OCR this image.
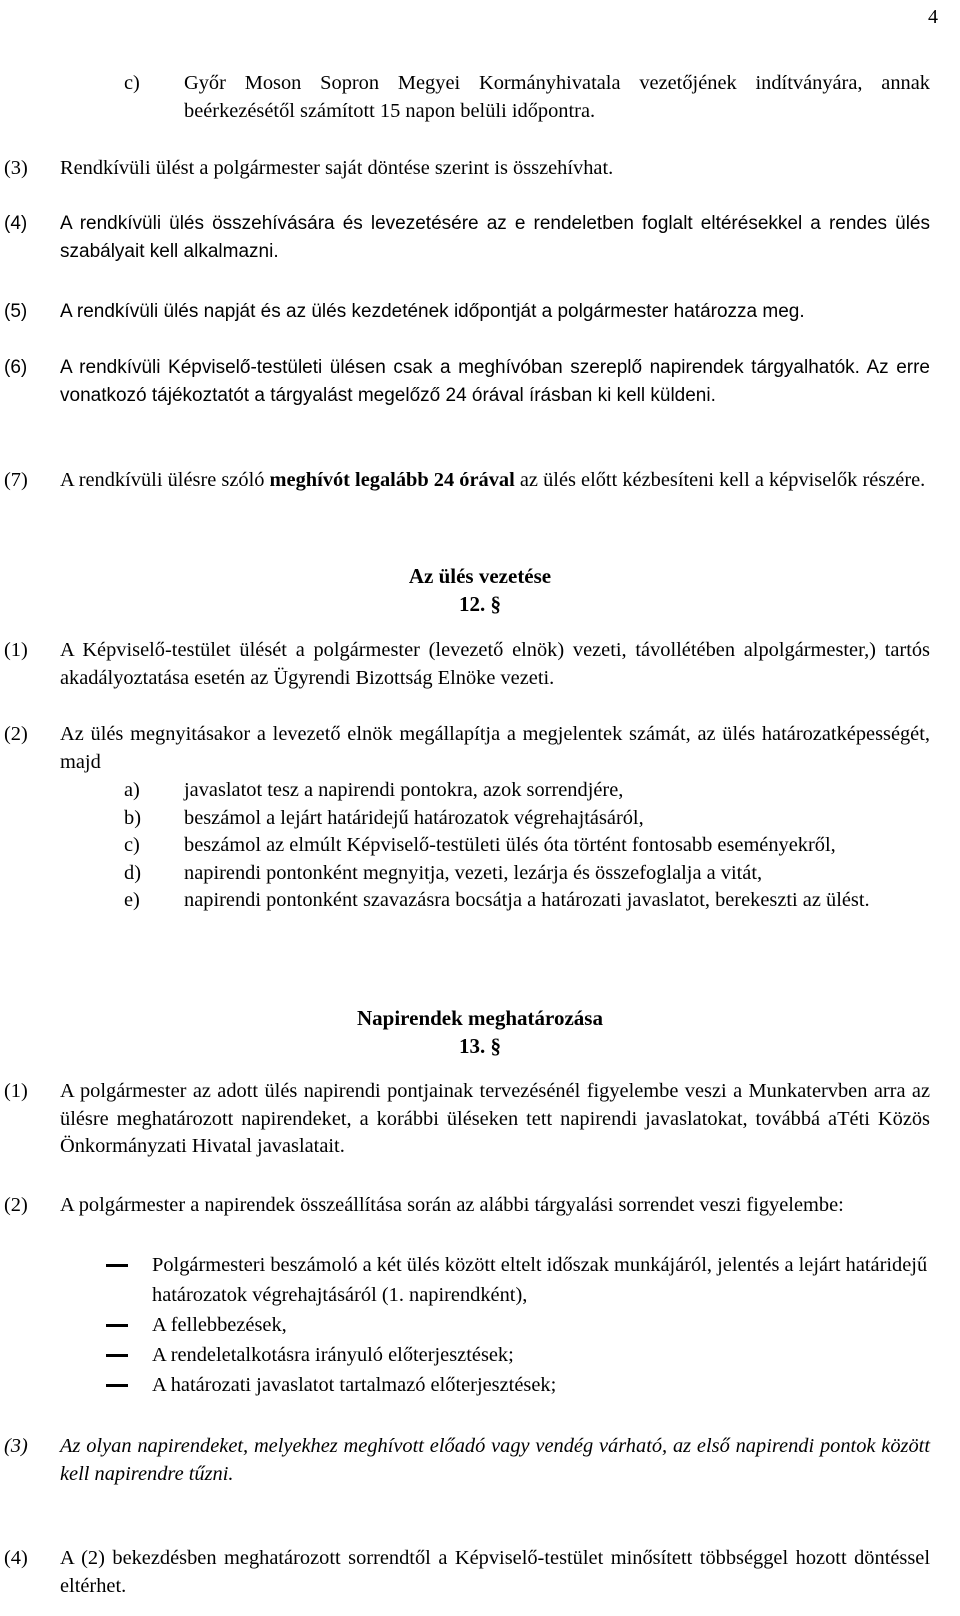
4
c)	Győr Moson Sopron Megyei Kormányhivatala vezetőjének indítványára, annak beérkezésétől számított 15 napon belüli időpontra.
(3)	Rendkívüli ülést a polgármester saját döntése szerint is összehívhat.
(4)	A rendkívüli ülés összehívására és levezetésére az e rendeletben foglalt eltérésekkel a rendes ülés szabályait kell alkalmazni.
(5)	A rendkívüli ülés napját és az ülés kezdetének időpontját a polgármester határozza meg.
(6)	A rendkívüli Képviselő-testületi ülésen csak a meghívóban szereplő napirendek tárgyalhatók. Az erre vonatkozó tájékoztatót a tárgyalást megelőző 24 órával írásban ki kell küldeni.
(7)	A rendkívüli ülésre szóló meghívót legalább 24 órával az ülés előtt kézbesíteni kell a képviselők részére.
Az ülés vezetése
12. §
(1)	A Képviselő-testület ülését a polgármester (levezető elnök) vezeti, távollétében alpolgármester,) tartós akadályoztatása esetén az Ügyrendi Bizottság Elnöke vezeti.
(2)	Az ülés megnyitásakor a levezető elnök megállapítja a megjelentek számát, az ülés határozatképességét, majd
a)	javaslatot tesz a napirendi pontokra, azok sorrendjére,
b)	beszámol a lejárt határidejű határozatok végrehajtásáról,
c)	beszámol az elmúlt Képviselő-testületi ülés óta történt fontosabb eseményekről,
d)	napirendi pontonként megnyitja, vezeti, lezárja és összefoglalja a vitát,
e)	napirendi pontonként szavazásra bocsátja a határozati javaslatot, berekeszti az ülést.
Napirendek meghatározása
13. §
(1)	A polgármester az adott ülés napirendi pontjainak tervezésénél figyelembe veszi a Munkatervben arra az ülésre meghatározott napirendeket, a korábbi üléseken tett napirendi javaslatokat, továbbá aTéti Közös Önkormányzati Hivatal javaslatait.
(2)	A polgármester a napirendek összeállítása során az alábbi tárgyalási sorrendet veszi figyelembe:
Polgármesteri beszámoló a két ülés között eltelt időszak munkájáról, jelentés a lejárt határidejű határozatok végrehajtásáról (1. napirendként),
A fellebbezések,
A rendeletalkotásra irányuló előterjesztések;
A határozati javaslatot tartalmazó előterjesztések;
(3)	Az olyan napirendeket, melyekhez meghívott előadó vagy vendég várható, az első napirendi pontok között kell napirendre tűzni.
(4)	A (2) bekezdésben meghatározott sorrendtől a Képviselő-testület minősített többséggel hozott döntéssel eltérhet.
